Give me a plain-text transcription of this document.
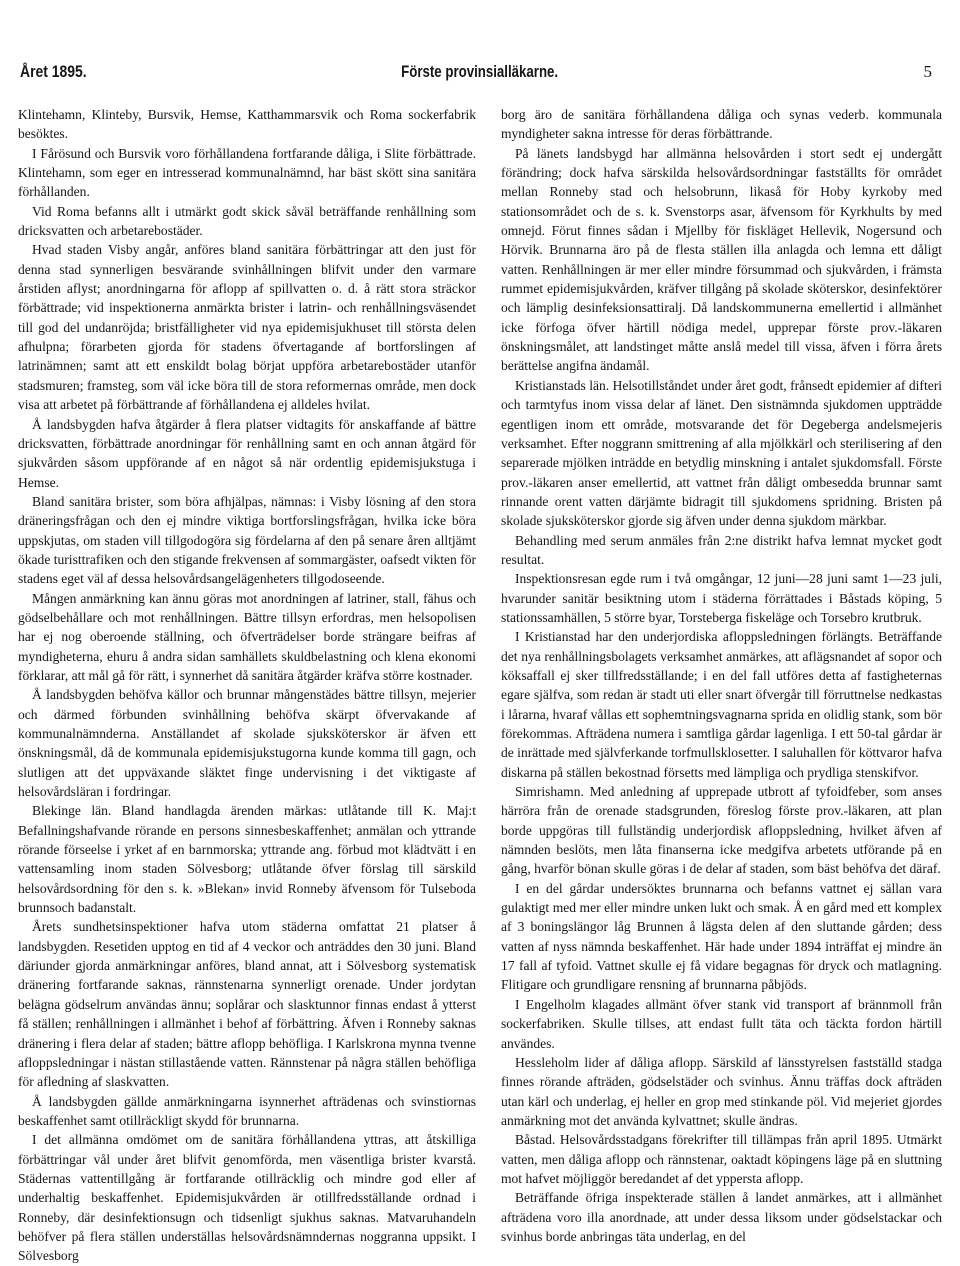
Året 1895.	Förste provinsialläkarne.	5

Klintehamn, Klinteby, Bursvik, Hemse, Katthammarsvik och Roma sockerfabrik besöktes.

I Fårösund och Bursvik voro förhållandena fortfarande dåliga, i Slite förbättrade. Klintehamn, som eger en intresserad kommunalnämnd, har bäst skött sina sanitära förhållanden.

Vid Roma befanns allt i utmärkt godt skick såväl beträffande renhållning som dricksvatten och arbetarebostäder.

Hvad staden Visby angår, anföres bland sanitära förbättringar att den just för denna stad synnerligen besvärande svinhållningen blifvit under den varmare årstiden aflyst; anordningarna för aflopp af spillvatten o. d. å rätt stora sträckor förbättrade; vid inspektionerna anmärkta brister i latrin- och renhållningsväsendet till god del undanröjda; bristfälligheter vid nya epidemisjukhuset till största delen afhulpna; förarbeten gjorda för stadens öfvertagande af bortforslingen af latrinämnen; samt att ett enskildt bolag börjat uppföra arbetarebostäder utanför stadsmuren; framsteg, som väl icke böra till de stora reformernas område, men dock visa att arbetet på förbättrande af förhållandena ej alldeles hvilat.

Å landsbygden hafva åtgärder å flera platser vidtagits för anskaffande af bättre dricksvatten, förbättrade anordningar för renhållning samt en och annan åtgärd för sjukvården såsom uppförande af en något så när ordentlig epidemisjukstuga i Hemse.

Bland sanitära brister, som böra afhjälpas, nämnas: i Visby lösning af den stora dräneringsfrågan och den ej mindre viktiga bortforslingsfrågan, hvilka icke böra uppskjutas, om staden vill tillgodogöra sig fördelarna af den på senare åren alltjämt ökade turisttrafiken och den stigande frekvensen af sommargäster, oafsedt vikten för stadens eget väl af dessa helsovårdsangelägenheters tillgodoseende.

Mången anmärkning kan ännu göras mot anordningen af latriner, stall, fähus och gödselbehållare och mot renhållningen. Bättre tillsyn erfordras, men helsopolisen har ej nog oberoende ställning, och öfverträdelser borde strängare beifras af myndigheterna, ehuru å andra sidan samhällets skuldbelastning och klena ekonomi förklarar, att mål gå för rätt, i synnerhet då sanitära åtgärder kräfva större kostnader.

Å landsbygden behöfva källor och brunnar mångenstädes bättre tillsyn, mejerier och därmed förbunden svinhållning behöfva skärpt öfvervakande af kommunalnämnderna. Anställandet af skolade sjuksköterskor är äfven ett önskningsmål, då de kommunala epidemisjukstugorna kunde komma till gagn, och slutligen att det uppväxande släktet finge undervisning i det viktigaste af helsovårdsläran i fordringar.

Blekinge län. Bland handlagda ärenden märkas: utlåtande till K. Maj:t Befallningshafvande rörande en persons sinnesbeskaffenhet; anmälan och yttrande rörande förseelse i yrket af en barnmorska; yttrande ang. förbud mot klädtvätt i en vattensamling inom staden Sölvesborg; utlåtande öfver förslag till särskild helsovårdsordning för den s. k. »Blekan» invid Ronneby äfvensom för Tulseboda brunnsoch badanstalt.

Årets sundhetsinspektioner hafva utom städerna omfattat 21 platser å landsbygden. Resetiden upptog en tid af 4 veckor och anträddes den 30 juni. Bland däriunder gjorda anmärkningar anföres, bland annat, att i Sölvesborg systematisk dränering fortfarande saknas, rännstenarna synnerligt orenade. Under jordytan belägna gödselrum användas ännu; soplårar och slasktunnor finnas endast å ytterst få ställen; renhållningen i allmänhet i behof af förbättring. Äfven i Ronneby saknas dränering i flera delar af staden; bättre aflopp behöfliga. I Karlskrona mynna tvenne afloppsledningar i nästan stillastående vatten. Rännstenar på några ställen behöfliga för afledning af slaskvatten.

Å landsbygden gällde anmärkningarna isynnerhet afträdenas och svinstiornas beskaffenhet samt otillräckligt skydd för brunnarna.

I det allmänna omdömet om de sanitära förhållandena yttras, att åtskilliga förbättringar vål under året blifvit genomförda, men väsentliga brister kvarstå. Städernas vattentillgång är fortfarande otillräcklig och mindre god eller af underhaltig beskaffenhet. Epidemisjukvården är otillfredsställande ordnad i Ronneby, där desinfektionsugn och tidsenligt sjukhus saknas. Matvaruhandeln behöfver på flera ställen underställas helsovårdsnämndernas noggranna uppsikt. I Sölvesborg

borg äro de sanitära förhållandena dåliga och synas vederb. kommunala myndigheter sakna intresse för deras förbättrande.

På länets landsbygd har allmänna helsovården i stort sedt ej undergått förändring; dock hafva särskilda helsovårdsordningar fastställts för området mellan Ronneby stad och helsobrunn, likaså för Hoby kyrkoby med stationsområdet och de s. k. Svenstorps asar, äfvensom för Kyrkhults by med omnejd. Förut finnes sådan i Mjellby för fiskläget Hellevik, Nogersund och Hörvik. Brunnarna äro på de flesta ställen illa anlagda och lemna ett dåligt vatten. Renhållningen är mer eller mindre försummad och sjukvården, i främsta rummet epidemisjukvården, kräfver tillgång på skolade sköterskor, desinfektörer och lämplig desinfeksionsattiralj. Då landskommunerna emellertid i allmänhet icke förfoga öfver härtill nödiga medel, upprepar förste prov.-läkaren önskningsmålet, att landstinget måtte anslå medel till vissa, äfven i förra årets berättelse angifna ändamål.

Kristianstads län. Helsotillståndet under året godt, frånsedt epidemier af difteri och tarmtyfus inom vissa delar af länet. Den sistnämnda sjukdomen uppträdde egentligen inom ett område, motsvarande det för Degeberga andelsmejeris verksamhet. Efter noggrann smittrening af alla mjölkkärl och sterilisering af den separerade mjölken inträdde en betydlig minskning i antalet sjukdomsfall. Förste prov.-läkaren anser emellertid, att vattnet från dåligt ombesedda brunnar samt rinnande orent vatten därjämte bidragit till sjukdomens spridning. Bristen på skolade sjuksköterskor gjorde sig äfven under denna sjukdom märkbar.

Behandling med serum anmäles från 2:ne distrikt hafva lemnat mycket godt resultat.

Inspektionsresan egde rum i två omgångar, 12 juni—28 juni samt 1—23 juli, hvarunder sanitär besiktning utom i städerna förrättades i Båstads köping, 5 stationssamhällen, 5 större byar, Torsteberga fiskeläge och Torsebro krutbruk.

I Kristianstad har den underjordiska afloppsledningen förlängts. Beträffande det nya renhållningsbolagets verksamhet anmärkes, att aflägsnandet af sopor och köksaffall ej sker tillfredsställande; i en del fall utföres detta af fastigheternas egare själfva, som redan är stadt uti eller snart öfvergår till förruttnelse nedkastas i lårarna, hvaraf vållas ett sophemtningsvagnarna sprida en olidlig stank, som bör förekommas. Afträdena numera i samtliga gårdar lagenliga. I ett 50-tal gårdar är de inrättade med självferkande torfmullsklosetter. I saluhallen för köttvaror hafva diskarna på ställen bekostnad försetts med lämpliga och prydliga stenskifvor.

Simrishamn. Med anledning af upprepade utbrott af tyfoidfeber, som anses härröra från de orenade stadsgrunden, föreslog förste prov.-läkaren, att plan borde uppgöras till fullständig underjordisk afloppsledning, hvilket äfven af nämnden beslöts, men låta finanserna icke medgifva arbetets utförande på en gång, hvarför bönan skulle göras i de delar af staden, som bäst behöfva det däraf.

I en del gårdar undersöktes brunnarna och befanns vattnet ej sällan vara gulaktigt med mer eller mindre unken lukt och smak. Å en gård med ett komplex af 3 boningslängor låg Brunnen å lägsta delen af den sluttande gården; dess vatten af nyss nämnda beskaffenhet. Här hade under 1894 inträffat ej mindre än 17 fall af tyfoid. Vattnet skulle ej få vidare begagnas för dryck och matlagning. Flitigare och grundligare rensning af brunnarna påbjöds.

I Engelholm klagades allmänt öfver stank vid transport af brännmoll från sockerfabriken. Skulle tillses, att endast fullt täta och täckta fordon härtill användes.

Hessleholm lider af dåliga aflopp. Särskild af länsstyrelsen fastställd stadga finnes rörande afträden, gödselstäder och svinhus. Ännu träffas dock afträden utan kärl och underlag, ej heller en grop med stinkande pöl. Vid mejeriet gjordes anmärkning mot det använda kylvattnet; skulle ändras.

Båstad. Helsovårdsstadgans förekrifter till tillämpas från april 1895. Utmärkt vatten, men dåliga aflopp och rännstenar, oaktadt köpingens läge på en sluttning mot hafvet möjliggör beredandet af det yppersta aflopp.

Beträffande öfriga inspekterade ställen å landet anmärkes, att i allmänhet afträdena voro illa anordnade, att under dessa liksom under gödselstackar och svinhus borde anbringas täta underlag, en del
